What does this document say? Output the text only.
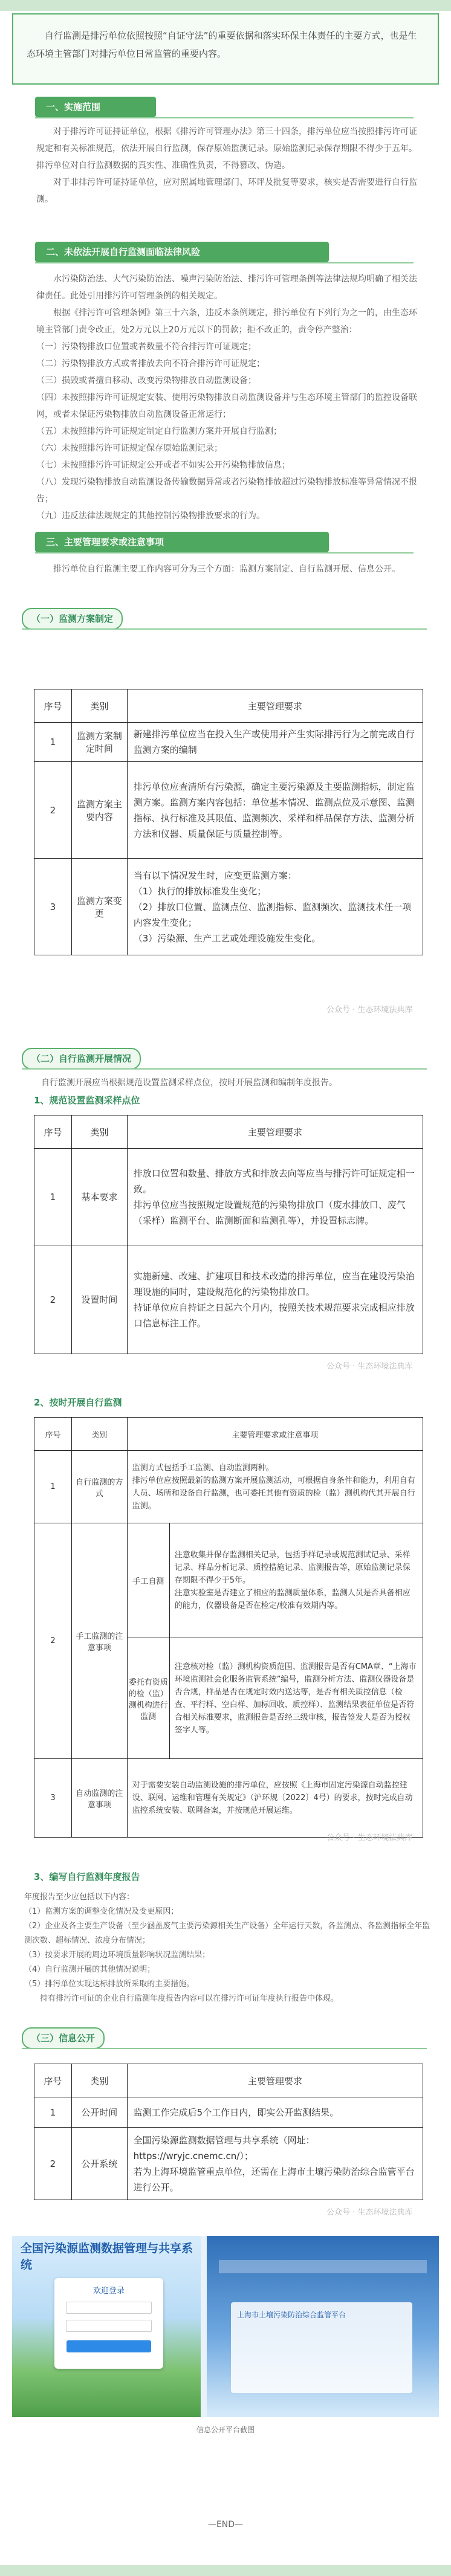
自行监测是排污单位依照按照“自证守法”的重要依据和落实环保主体责任的主要方式，也是生态环境主管部门对排污单位日常监管的重要内容。

一、实施范围

对于排污许可证持证单位，根据《排污许可管理办法》第三十四条，排污单位应当按照排污许可证规定和有关标准规范，依法开展自行监测，保存原始监测记录。原始监测记录保存期限不得少于五年。排污单位对自行监测数据的真实性、准确性负责，不得篡改、伪造。

对于非排污许可证持证单位，应对照属地管理部门、环评及批复等要求，核实是否需要进行自行监测。

二、未依法开展自行监测面临法律风险

水污染防治法、大气污染防治法、噪声污染防治法、排污许可管理条例等法律法规均明确了相关法律责任。此处引用排污许可管理条例的相关规定。

根据《排污许可管理条例》第三十六条，违反本条例规定，排污单位有下列行为之一的，由生态环境主管部门责令改正，处2万元以上20万元以下的罚款；拒不改正的，责令停产整治：

（一）污染物排放口位置或者数量不符合排污许可证规定；

（二）污染物排放方式或者排放去向不符合排污许可证规定；

（三）损毁或者擅自移动、改变污染物排放自动监测设备；

（四）未按照排污许可证规定安装、使用污染物排放自动监测设备并与生态环境主管部门的监控设备联网，或者未保证污染物排放自动监测设备正常运行；

（五）未按照排污许可证规定制定自行监测方案并开展自行监测；

（六）未按照排污许可证规定保存原始监测记录；

（七）未按照排污许可证规定公开或者不如实公开污染物排放信息；

（八）发现污染物排放自动监测设备传输数据异常或者污染物排放超过污染物排放标准等异常情况不报告；

（九）违反法律法规规定的其他控制污染物排放要求的行为。

三、主要管理要求或注意事项

排污单位自行监测主要工作内容可分为三个方面：监测方案制定、自行监测开展、信息公开。

（一）监测方案制定
序号	类别	主要管理要求
1	监测方案制定时间	新建排污单位应当在投入生产或使用并产生实际排污行为之前完成自行监测方案的编制
2	监测方案主要内容	排污单位应查清所有污染源，确定主要污染源及主要监测指标，制定监测方案。监测方案内容包括：单位基本情况、监测点位及示意图、监测指标、执行标准及其限值、监测频次、采样和样品保存方法、监测分析方法和仪器、质量保证与质量控制等。
3	监测方案变更	当有以下情况发生时，应变更监测方案：
（1）执行的排放标准发生变化；
（2）排放口位置、监测点位、监测指标、监测频次、监测技术任一项内容发生变化；
（3）污染源、生产工艺或处理设施发生变化。
公众号 · 生态环境法典库
（二）自行监测开展情况

自行监测开展应当根据规范设置监测采样点位，按时开展监测和编制年度报告。

1、规范设置监测采样点位
序号	类别	主要管理要求
1	基本要求	排放口位置和数量、排放方式和排放去向等应当与排污许可证规定相一致。
排污单位应当按照规定设置规范的污染物排放口（废水排放口、废气（采样）监测平台、监测断面和监测孔等），并设置标志牌。
2	设置时间	实施新建、改建、扩建项目和技术改造的排污单位，应当在建设污染治理设施的同时，建设规范化的污染物排放口。
持证单位应自持证之日起六个月内，按照关技术规范要求完成相应排放口信息标注工作。
公众号 · 生态环境法典库
2、按时开展自行监测
序号	类别	主要管理要求或注意事项	
1	自行监测的方式	监测方式包括手工监测、自动监测两种。
排污单位应按照最新的监测方案开展监测活动，可根据自身条件和能力，利用自有人员、场所和设备自行监测，也可委托其他有资质的检（监）测机构代其开展自行监测。	
2	手工监测的注意事项	手工自测	注意收集并保存监测相关记录，包括手样记录或规范测试记录、采样记录、样品分析记录、质控措施记录、监测报告等，原始监测记录保存期限不得少于5年。
注意实验室是否建立了相应的监测质量体系，监测人员是否具备相应的能力，仪器设备是否在检定/校准有效期内等。
		委托有资质的检（监）测机构进行监测	注意核对检（监）测机构资质范围、监测报告是否有CMA章、“上海市环境监测社会化服务监管系统”编号，监测分析方法、监测仪器设备是否合规，样品是否在规定时效内送达等，是否有相关质控信息（检查、平行样、空白样、加标回收、质控样）、监测结果表征单位是否符合相关标准要求，监测报告是否经三级审核，报告签发人是否为授权签字人等。
3	自动监测的注意事项	对于需要安装自动监测设施的排污单位，应按照《上海市固定污染源自动监控建设、联网、运维和管理有关规定》（沪环规〔2022〕4号）的要求，按时完成自动监控系统安装、联网备案，并按规范开展运维。	
公众号 · 生态环境法典库
3、编写自行监测年度报告

年度报告至少应包括以下内容：

（1）监测方案的调整变化情况及变更原因；

（2）企业及各主要生产设备（至少涵盖废气主要污染源相关生产设备）全年运行天数，各监测点、各监测指标全年监测次数、超标情况、浓度分布情况；

（3）按要求开展的周边环境质量影响状况监测结果；

（4）自行监测开展的其他情况说明；

（5）排污单位实现达标排放所采取的主要措施。

持有排污许可证的企业自行监测年度报告内容可以在排污许可证年度执行报告中体现。

（三）信息公开
序号	类别	主要管理要求
1	公开时间	监测工作完成后5个工作日内，即实公开监测结果。
2	公开系统	全国污染源监测数据管理与共享系统（网址：https://wryjc.cnemc.cn/）；
若为上海环境监管重点单位，还需在上海市土壤污染防治综合监管平台进行公开。
公众号 · 生态环境法典库
全国污染源监测数据管理与共享系统
欢迎登录
上海市土壤污染防治综合监管平台
信息公开平台截图
—END—
